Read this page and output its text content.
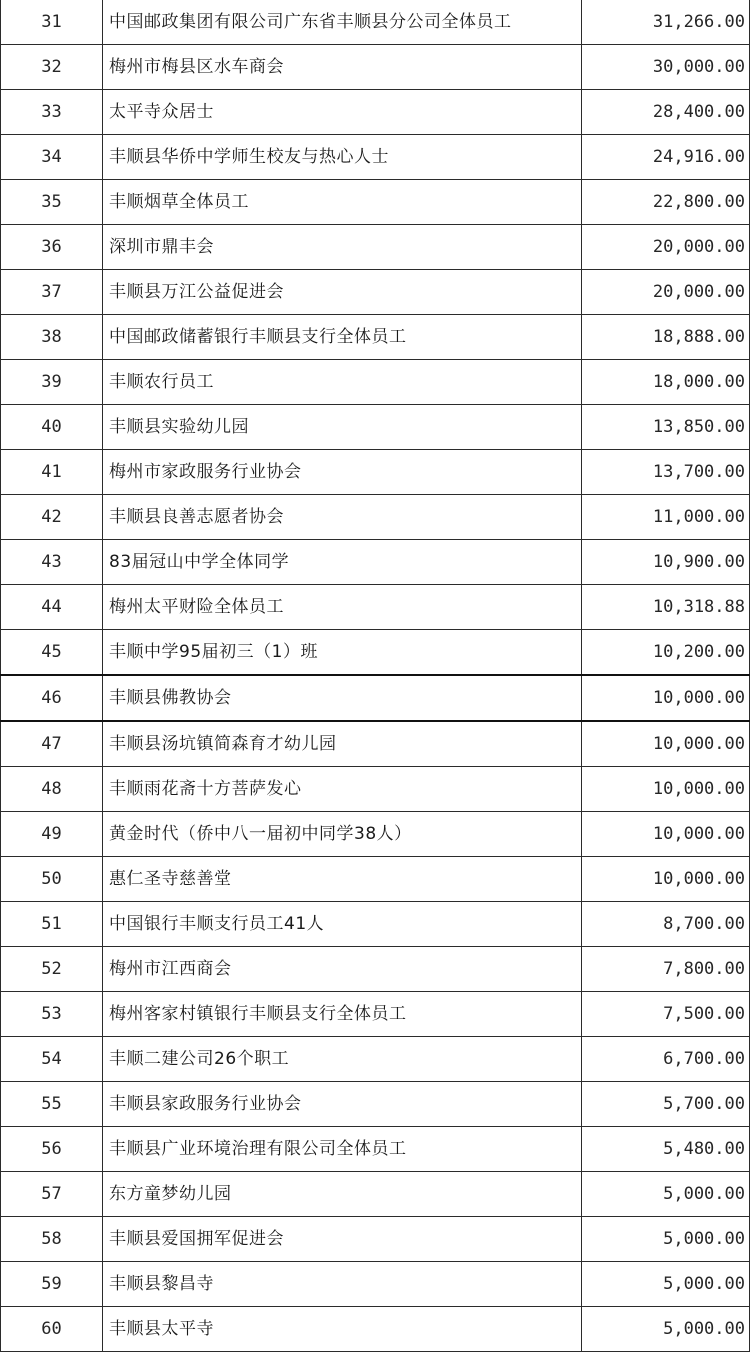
31	中国邮政集团有限公司广东省丰顺县分公司全体员工	31,266.00
32	梅州市梅县区水车商会	30,000.00
33	太平寺众居士	28,400.00
34	丰顺县华侨中学师生校友与热心人士	24,916.00
35	丰顺烟草全体员工	22,800.00
36	深圳市鼎丰会	20,000.00
37	丰顺县万江公益促进会	20,000.00
38	中国邮政储蓄银行丰顺县支行全体员工	18,888.00
39	丰顺农行员工	18,000.00
40	丰顺县实验幼儿园	13,850.00
41	梅州市家政服务行业协会	13,700.00
42	丰顺县良善志愿者协会	11,000.00
43	83届冠山中学全体同学	10,900.00
44	梅州太平财险全体员工	10,318.88
45	丰顺中学95届初三（1）班	10,200.00
46	丰顺县佛教协会	10,000.00
47	丰顺县汤坑镇简森育才幼儿园	10,000.00
48	丰顺雨花斋十方菩萨发心	10,000.00
49	黄金时代（侨中八一届初中同学38人）	10,000.00
50	惠仁圣寺慈善堂	10,000.00
51	中国银行丰顺支行员工41人	8,700.00
52	梅州市江西商会	7,800.00
53	梅州客家村镇银行丰顺县支行全体员工	7,500.00
54	丰顺二建公司26个职工	6,700.00
55	丰顺县家政服务行业协会	5,700.00
56	丰顺县广业环境治理有限公司全体员工	5,480.00
57	东方童梦幼儿园	5,000.00
58	丰顺县爱国拥军促进会	5,000.00
59	丰顺县黎昌寺	5,000.00
60	丰顺县太平寺	5,000.00
